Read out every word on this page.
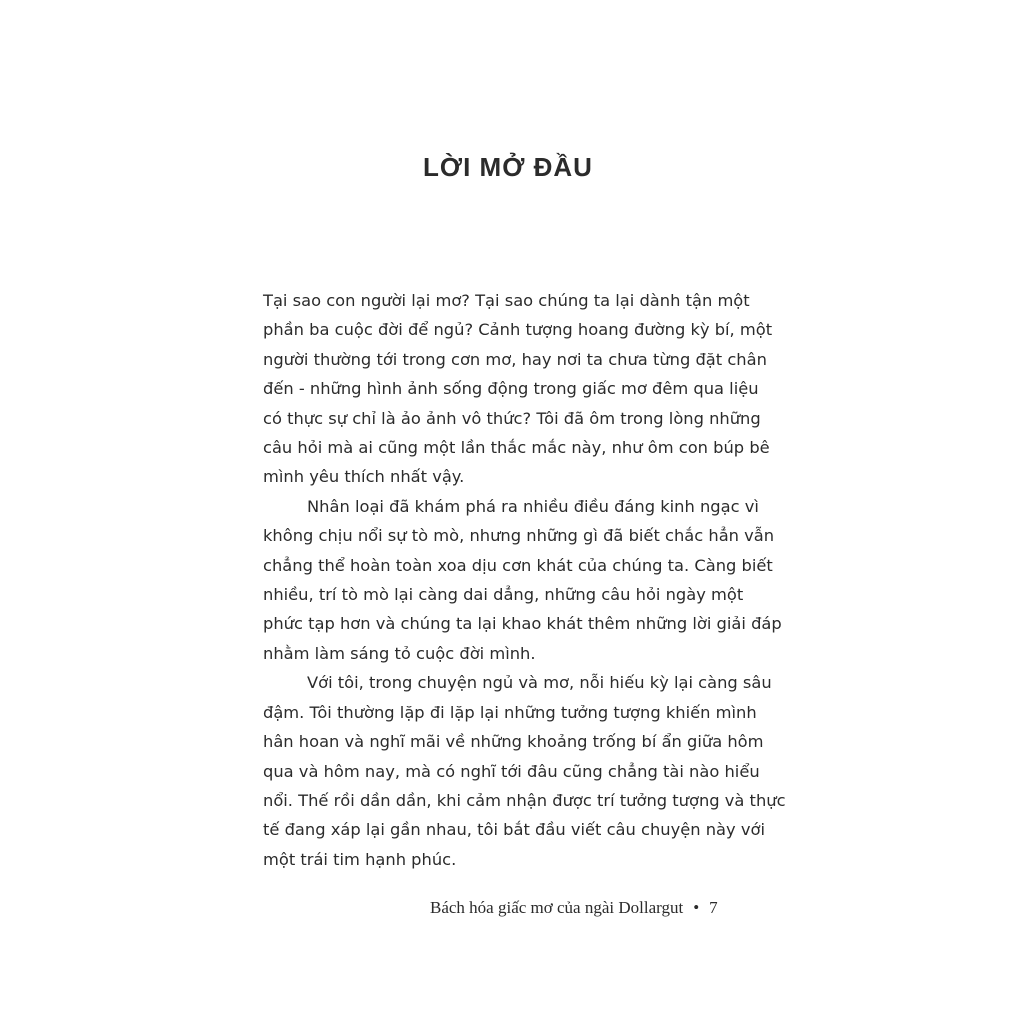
LỜI MỞ ĐẦU
Tại sao con người lại mơ? Tại sao chúng ta lại dành tận một
phần ba cuộc đời để ngủ? Cảnh tượng hoang đường kỳ bí, một
người thường tới trong cơn mơ, hay nơi ta chưa từng đặt chân
đến - những hình ảnh sống động trong giấc mơ đêm qua liệu
có thực sự chỉ là ảo ảnh vô thức? Tôi đã ôm trong lòng những
câu hỏi mà ai cũng một lần thắc mắc này, như ôm con búp bê
mình yêu thích nhất vậy.
Nhân loại đã khám phá ra nhiều điều đáng kinh ngạc vì
không chịu nổi sự tò mò, nhưng những gì đã biết chắc hẳn vẫn
chẳng thể hoàn toàn xoa dịu cơn khát của chúng ta. Càng biết
nhiều, trí tò mò lại càng dai dẳng, những câu hỏi ngày một
phức tạp hơn và chúng ta lại khao khát thêm những lời giải đáp
nhằm làm sáng tỏ cuộc đời mình.
Với tôi, trong chuyện ngủ và mơ, nỗi hiếu kỳ lại càng sâu
đậm. Tôi thường lặp đi lặp lại những tưởng tượng khiến mình
hân hoan và nghĩ mãi về những khoảng trống bí ẩn giữa hôm
qua và hôm nay, mà có nghĩ tới đâu cũng chẳng tài nào hiểu
nổi. Thế rồi dần dần, khi cảm nhận được trí tưởng tượng và thực
tế đang xáp lại gần nhau, tôi bắt đầu viết câu chuyện này với
một trái tim hạnh phúc.
Bách hóa giấc mơ của ngài Dollargut • 7
